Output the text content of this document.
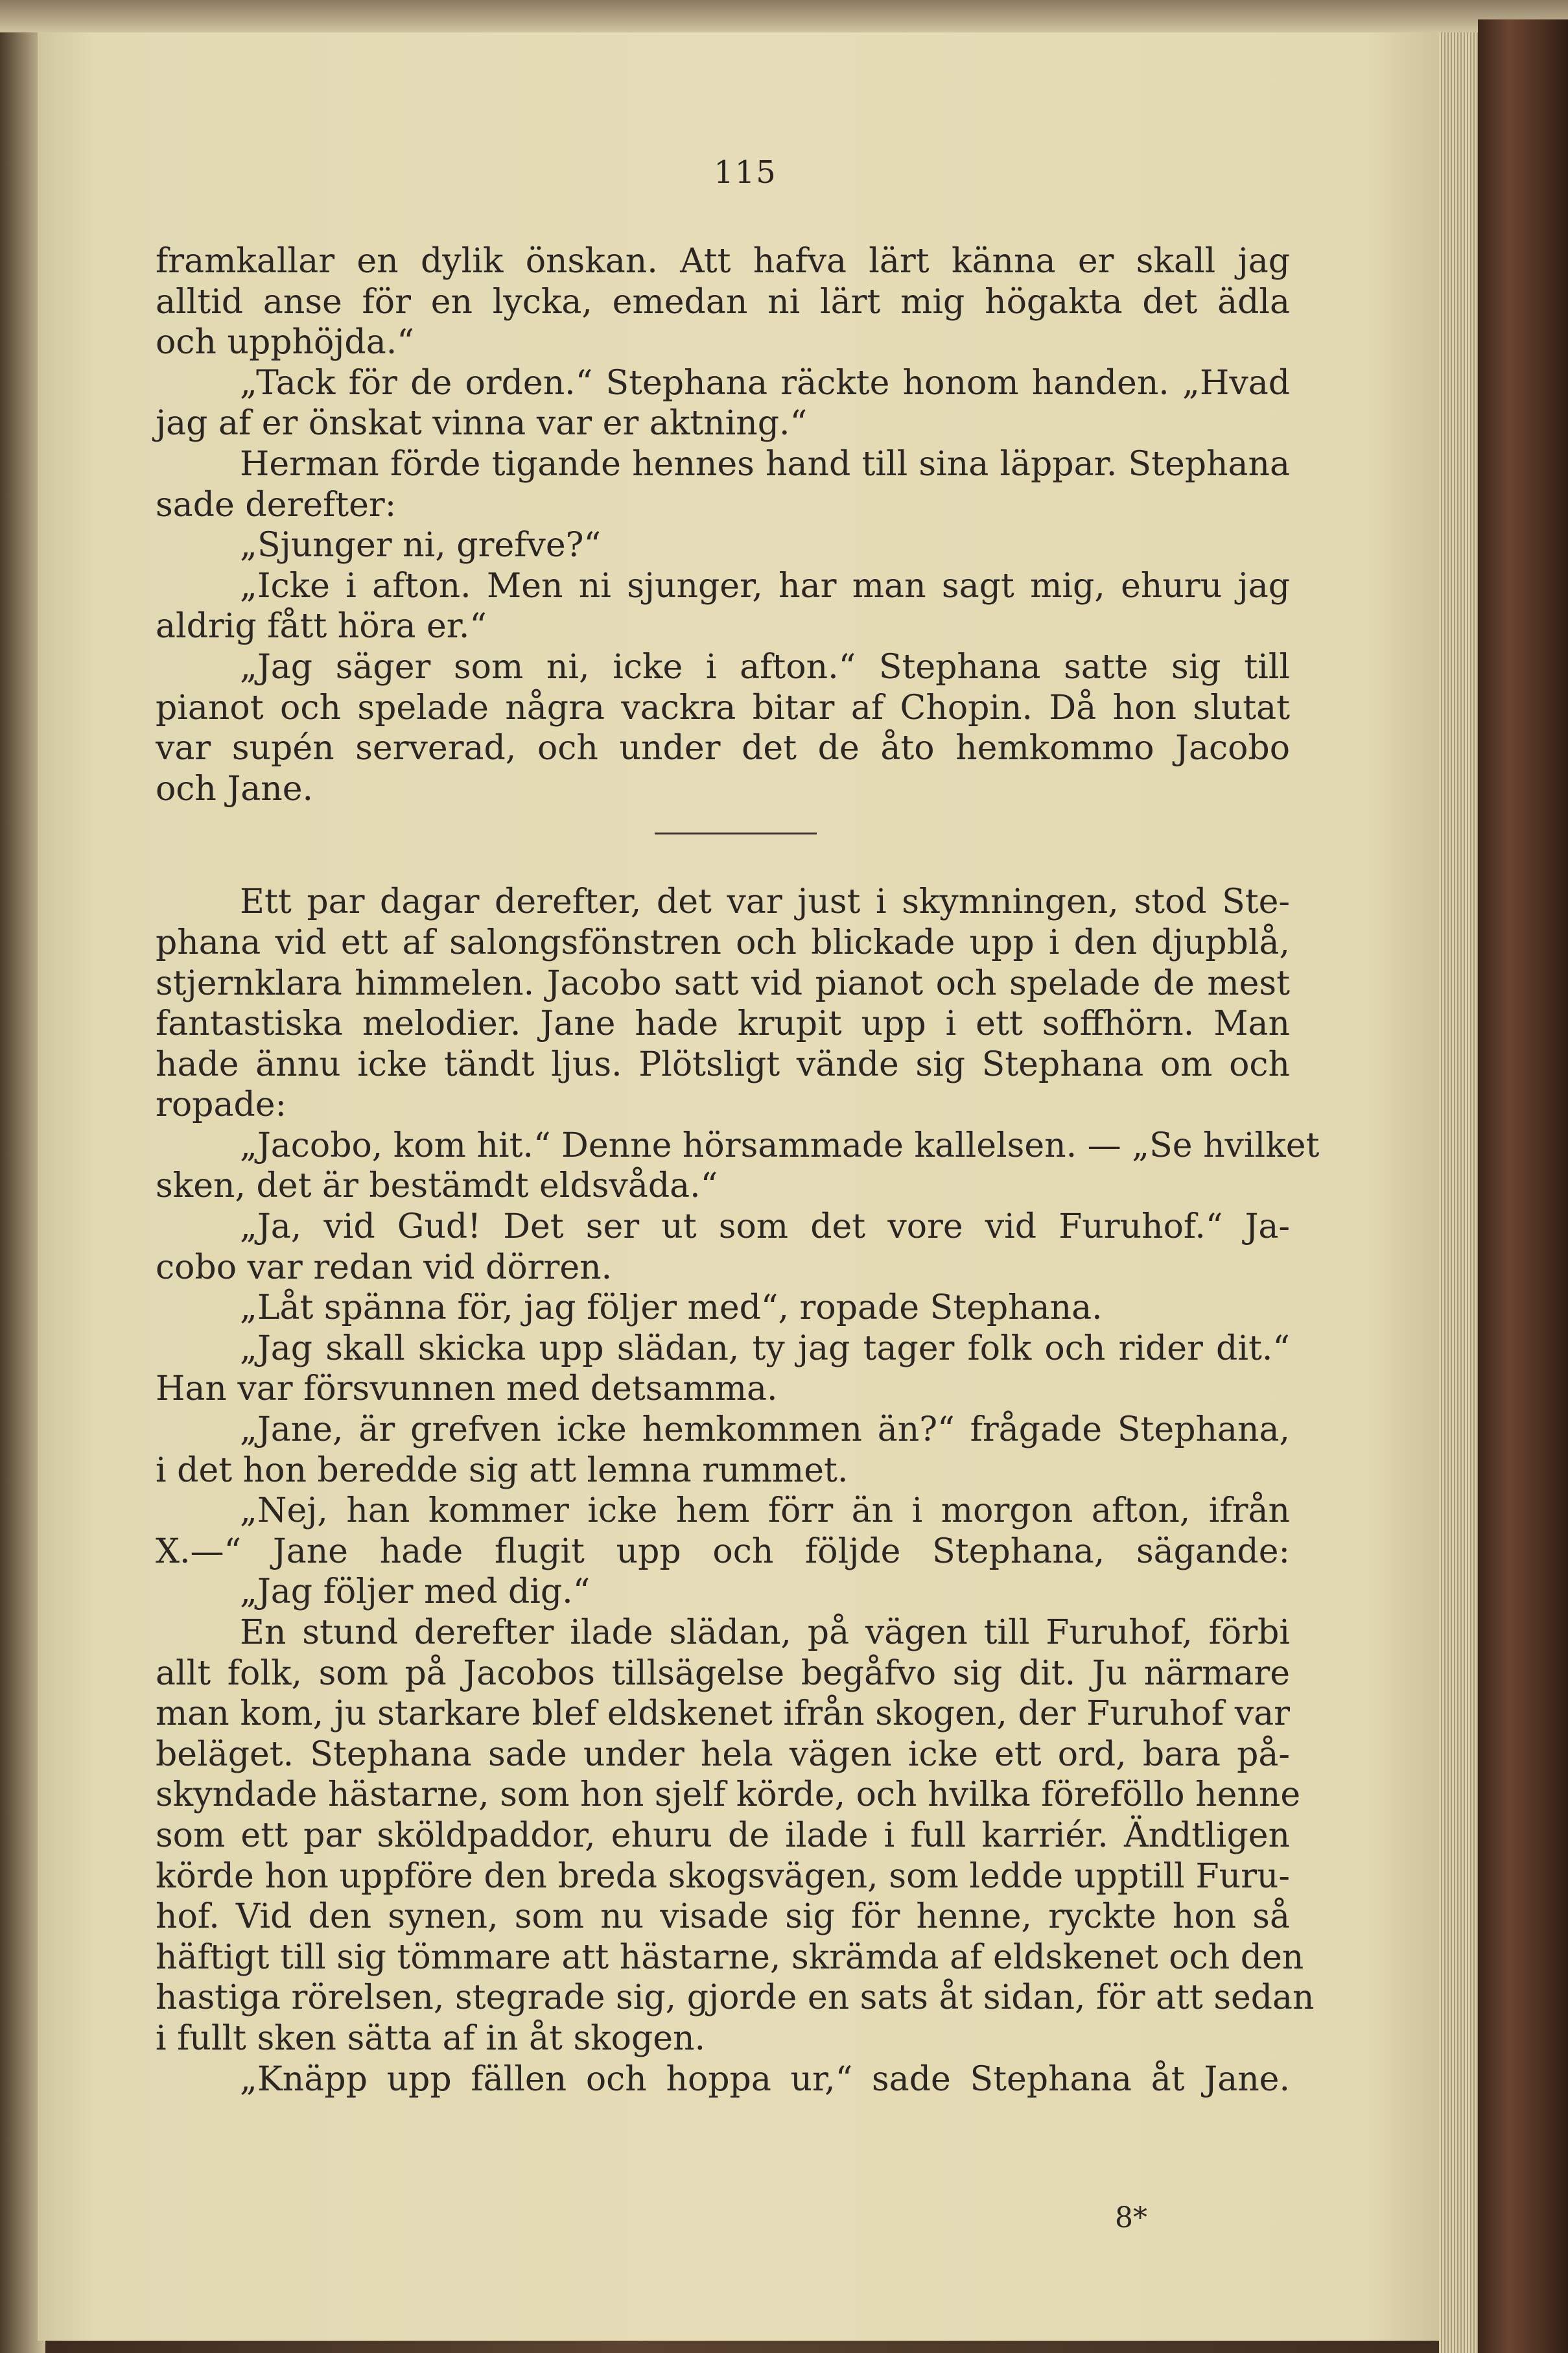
115
framkallar en dylik önskan. Att hafva lärt känna er skall jag
alltid anse för en lycka, emedan ni lärt mig högakta det ädla
och upphöjda.“
„Tack för de orden.“ Stephana räckte honom handen. „Hvad
jag af er önskat vinna var er aktning.“
Herman förde tigande hennes hand till sina läppar. Stephana
sade derefter:
„Sjunger ni, grefve?“
„Icke i afton. Men ni sjunger, har man sagt mig, ehuru jag
aldrig fått höra er.“
„Jag säger som ni, icke i afton.“ Stephana satte sig till
pianot och spelade några vackra bitar af Chopin. Då hon slutat
var supén serverad, och under det de åto hemkommo Jacobo
och Jane.
Ett par dagar derefter, det var just i skymningen, stod Ste-
phana vid ett af salongsfönstren och blickade upp i den djupblå,
stjernklara himmelen. Jacobo satt vid pianot och spelade de mest
fantastiska melodier. Jane hade krupit upp i ett soffhörn. Man
hade ännu icke tändt ljus. Plötsligt vände sig Stephana om och
ropade:
„Jacobo, kom hit.“ Denne hörsammade kallelsen. — „Se hvilket
sken, det är bestämdt eldsvåda.“
„Ja, vid Gud! Det ser ut som det vore vid Furuhof.“ Ja-
cobo var redan vid dörren.
„Låt spänna för, jag följer med“, ropade Stephana.
„Jag skall skicka upp slädan, ty jag tager folk och rider dit.“
Han var försvunnen med detsamma.
„Jane, är grefven icke hemkommen än?“ frågade Stephana,
i det hon beredde sig att lemna rummet.
„Nej, han kommer icke hem förr än i morgon afton, ifrån
X.—“ Jane hade flugit upp och följde Stephana, sägande:
„Jag följer med dig.“
En stund derefter ilade slädan, på vägen till Furuhof, förbi
allt folk, som på Jacobos tillsägelse begåfvo sig dit. Ju närmare
man kom, ju starkare blef eldskenet ifrån skogen, der Furuhof var
beläget. Stephana sade under hela vägen icke ett ord, bara på-
skyndade hästarne, som hon sjelf körde, och hvilka föreföllo henne
som ett par sköldpaddor, ehuru de ilade i full karriér. Ändtligen
körde hon uppföre den breda skogsvägen, som ledde upptill Furu-
hof. Vid den synen, som nu visade sig för henne, ryckte hon så
häftigt till sig tömmare att hästarne, skrämda af eldskenet och den
hastiga rörelsen, stegrade sig, gjorde en sats åt sidan, för att sedan
i fullt sken sätta af in åt skogen.
„Knäpp upp fällen och hoppa ur,“ sade Stephana åt Jane.
8*
